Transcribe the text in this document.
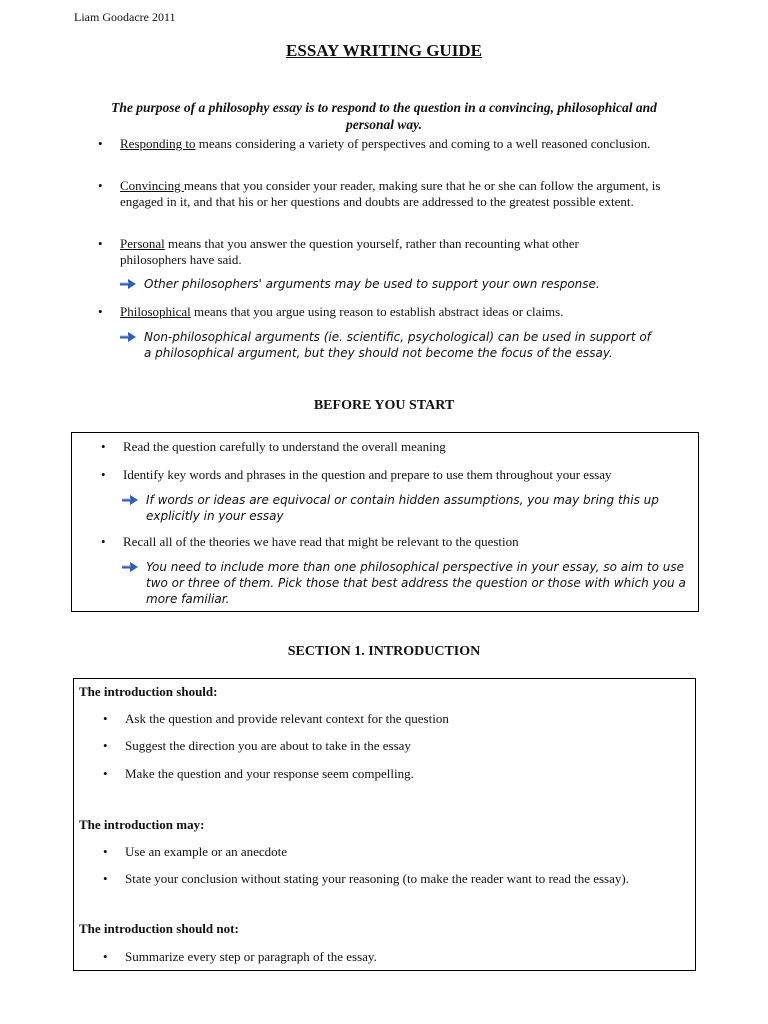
Liam Goodacre 2011
ESSAY WRITING GUIDE
The purpose of a philosophy essay is to respond to the question in a convincing, philosophical and personal way.
• Responding to means considering a variety of perspectives and coming to a well reasoned conclusion.
• Convincing means that you consider your reader, making sure that he or she can follow the argument, is engaged in it, and that his or her questions and doubts are addressed to the greatest possible extent.
• Personal means that you answer the question yourself, rather than recounting what other philosophers have said.
Other philosophers' arguments may be used to support your own response.
• Philosophical means that you argue using reason to establish abstract ideas or claims.
Non-philosophical arguments (ie. scientific, psychological) can be used in support of a philosophical argument, but they should not become the focus of the essay.
BEFORE YOU START
• Read the question carefully to understand the overall meaning
• Identify key words and phrases in the question and prepare to use them throughout your essay
If words or ideas are equivocal or contain hidden assumptions, you may bring this up explicitly in your essay
• Recall all of the theories we have read that might be relevant to the question
You need to include more than one philosophical perspective in your essay, so aim to use two or three of them. Pick those that best address the question or those with which you a more familiar.
SECTION 1. INTRODUCTION
The introduction should:
• Ask the question and provide relevant context for the question
• Suggest the direction you are about to take in the essay
• Make the question and your response seem compelling.
The introduction may:
• Use an example or an anecdote
• State your conclusion without stating your reasoning (to make the reader want to read the essay).
The introduction should not:
• Summarize every step or paragraph of the essay.
